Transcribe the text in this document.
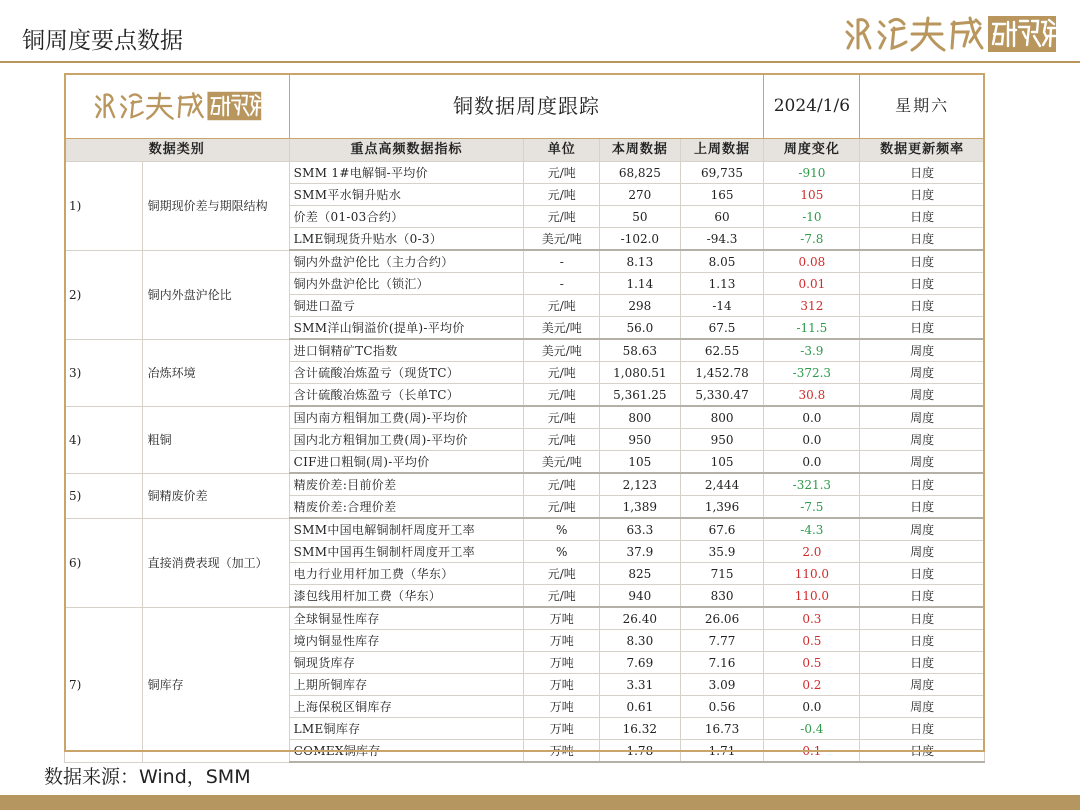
铜周度要点数据
	铜数据周度跟踪				2024/1/6	星期六
数据类别		重点高频数据指标	单位	本周数据	上周数据	周度变化	数据更新频率
1)	铜期现价差与期限结构	SMM 1#电解铜-平均价	元/吨	68,825	69,735	-910	日度
		SMM平水铜升贴水	元/吨	270	165	105	日度
		价差（01-03合约）	元/吨	50	60	-10	日度
		LME铜现货升贴水（0-3）	美元/吨	-102.0	-94.3	-7.8	日度
2)	铜内外盘沪伦比	铜内外盘沪伦比（主力合约）	-	8.13	8.05	0.08	日度
		铜内外盘沪伦比（锁汇）	-	1.14	1.13	0.01	日度
		铜进口盈亏	元/吨	298	-14	312	日度
		SMM洋山铜溢价(提单)-平均价	美元/吨	56.0	67.5	-11.5	日度
3)	冶炼环境	进口铜精矿TC指数	美元/吨	58.63	62.55	-3.9	周度
		含计硫酸冶炼盈亏（现货TC）	元/吨	1,080.51	1,452.78	-372.3	周度
		含计硫酸冶炼盈亏（长单TC）	元/吨	5,361.25	5,330.47	30.8	周度
4)	粗铜	国内南方粗铜加工费(周)-平均价	元/吨	800	800	0.0	周度
		国内北方粗铜加工费(周)-平均价	元/吨	950	950	0.0	周度
		CIF进口粗铜(周)-平均价	美元/吨	105	105	0.0	周度
5)	铜精废价差	精废价差:目前价差	元/吨	2,123	2,444	-321.3	日度
		精废价差:合理价差	元/吨	1,389	1,396	-7.5	日度
6)	直接消费表现（加工）	SMM中国电解铜制杆周度开工率	%	63.3	67.6	-4.3	周度
		SMM中国再生铜制杆周度开工率	%	37.9	35.9	2.0	周度
		电力行业用杆加工费（华东）	元/吨	825	715	110.0	日度
		漆包线用杆加工费（华东）	元/吨	940	830	110.0	日度
7)	铜库存	全球铜显性库存	万吨	26.40	26.06	0.3	日度
		境内铜显性库存	万吨	8.30	7.77	0.5	日度
		铜现货库存	万吨	7.69	7.16	0.5	日度
		上期所铜库存	万吨	3.31	3.09	0.2	周度
		上海保税区铜库存	万吨	0.61	0.56	0.0	周度
		LME铜库存	万吨	16.32	16.73	-0.4	日度
		COMEX铜库存	万吨	1.78	1.71	0.1	日度
数据来源：Wind，SMM
